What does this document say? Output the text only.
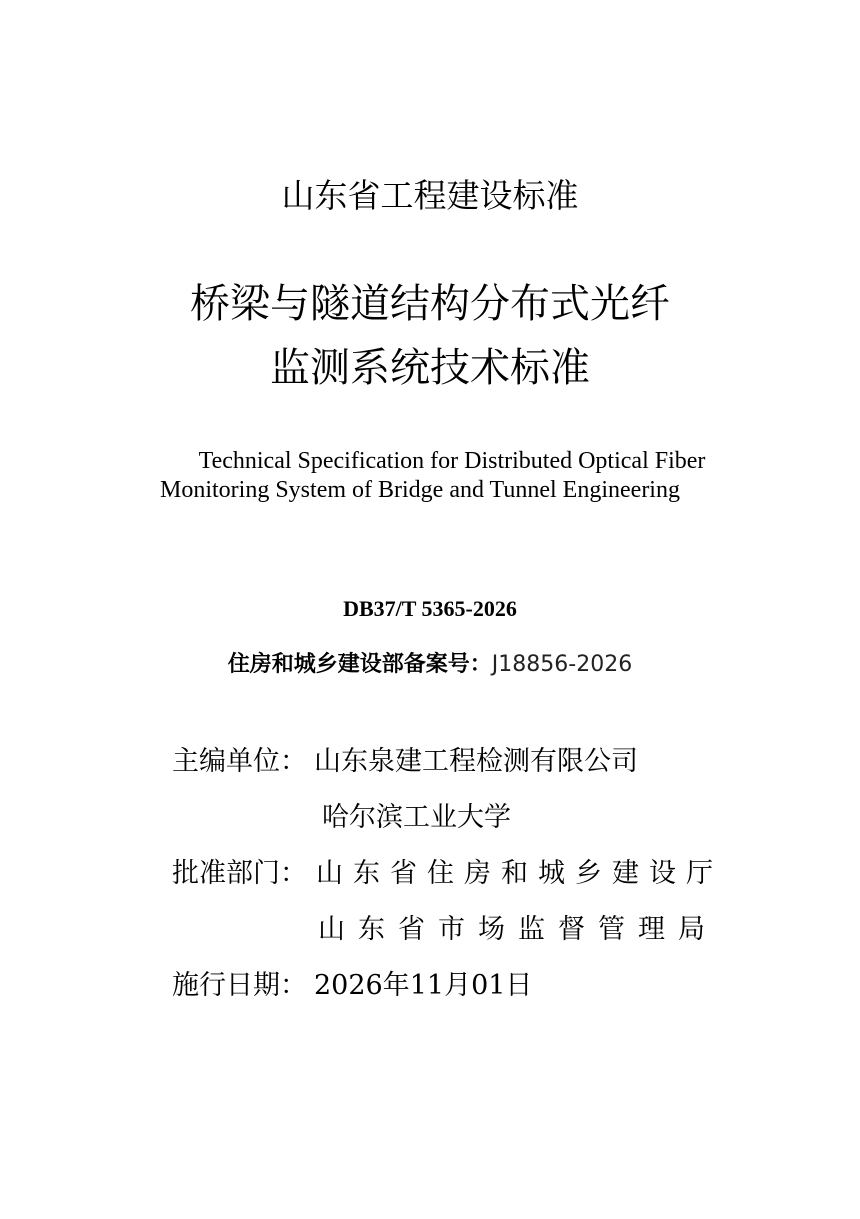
山东省工程建设标准
桥梁与隧道结构分布式光纤
监测系统技术标准
Technical Specification for Distributed Optical Fiber
Monitoring System of Bridge and Tunnel Engineering
DB37/T 5365-2026
住房和城乡建设部备案号：J18856-2026
主编单位： 山东泉建工程检测有限公司
哈尔滨工业大学
批准部门： 山东省住房和城乡建设厅
山东省市场监督管理局
施行日期： 2026年11月01日
